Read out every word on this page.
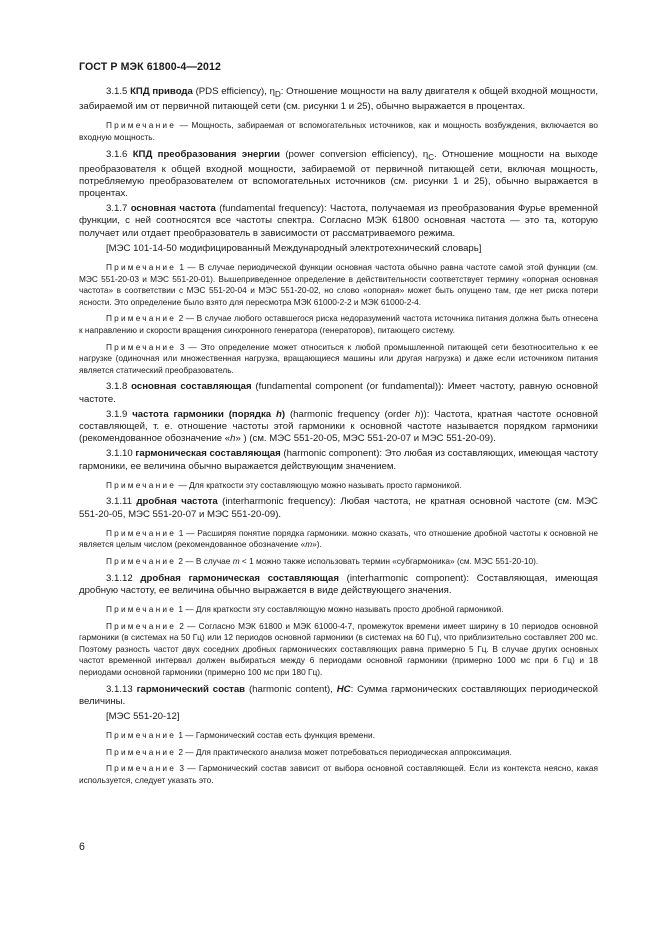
ГОСТ Р МЭК 61800-4—2012

3.1.5 КПД привода (PDS efficiency), $\eta_D$: Отношение мощности на валу двигателя к общей входной мощности, забираемой им от первичной питающей сети (см. рисунки 1 и 25), обычно выражается в процентах.

Примечание — Мощность, забираемая от вспомогательных источников, как и мощность возбуждения, включается во входную мощность.

3.1.6 КПД преобразования энергии (power conversion efficiency), $\eta_C$. Отношение мощности на выходе преобразователя к общей входной мощности, забираемой от первичной питающей сети, включая мощность, потребляемую преобразователем от вспомогательных источников (см. рисунки 1 и 25), обычно выражается в процентах.

3.1.7 основная частота (fundamental frequency): Частота, получаемая из преобразования Фурье временной функции, с ней соотносятся все частоты спектра. Согласно МЭК 61800 основная частота — это та, которую получает или отдает преобразователь в зависимости от рассматриваемого режима.

[МЭС 101-14-50 модифицированный Международный электротехнический словарь]

Примечание 1 — В случае периодической функции основная частота обычно равна частоте самой этой функции (см. МЭС 551-20-03 и МЭС 551-20-01). Вышеприведенное определение в действительности соответствует термину «опорная основная частота» в соответствии с МЭС 551-20-04 и МЭС 551-20-02, но слово «опорная» может быть опущено там, где нет риска потери ясности. Это определение было взято для пересмотра МЭК 61000-2-2 и МЭК 61000-2-4.

Примечание 2 — В случае любого оставшегося риска недоразумений частота источника питания должна быть отнесена к направлению и скорости вращения синхронного генератора (генераторов), питающего систему.

Примечание 3 — Это определение может относиться к любой промышленной питающей сети безотносительно к ее нагрузке (одиночная или множественная нагрузка, вращающиеся машины или другая нагрузка) и даже если источником питания является статический преобразователь.

3.1.8 основная составляющая (fundamental component (or fundamental)): Имеет частоту, равную основной частоте.

3.1.9 частота гармоники (порядка h) (harmonic frequency (order h)): Частота, кратная частоте основной составляющей, т. е. отношение частоты этой гармоники к основной частоте называется порядком гармоники (рекомендованное обозначение «h» ) (см. МЭС 551-20-05, МЭС 551-20-07 и МЭС 551-20-09).

3.1.10 гармоническая составляющая (harmonic component): Это любая из составляющих, имеющая частоту гармоники, ее величина обычно выражается действующим значением.

Примечание — Для краткости эту составляющую можно называть просто гармоникой.

3.1.11 дробная частота (interharmonic frequency): Любая частота, не кратная основной частоте (см. МЭС 551-20-05, МЭС 551-20-07 и МЭС 551-20-09).

Примечание 1 — Расширяя понятие порядка гармоники. можно сказать, что отношение дробной частоты к основной не является целым числом (рекомендованное обозначение «m»).

Примечание 2 — В случае m < 1 можно также использовать термин «субгармоника» (см. МЭС 551-20-10).

3.1.12 дробная гармоническая составляющая (interharmonic component): Составляющая, имеющая дробную частоту, ее величина обычно выражается в виде действующего значения.

Примечание 1 — Для краткости эту составляющую можно называть просто дробной гармоникой.

Примечание 2 — Согласно МЭК 61800 и МЭК 61000-4-7, промежуток времени имеет ширину в 10 периодов основной гармоники (в системах на 50 Гц) или 12 периодов основной гармоники (в системах на 60 Гц), что приблизительно составляет 200 мс. Поэтому разность частот двух соседних дробных гармонических составляющих равна примерно 5 Гц. В случае других основных частот временной интервал должен выбираться между 6 периодами основной гармоники (примерно 1000 мс при 6 Гц) и 18 периодами основной гармоники (примерно 100 мс при 180 Гц).

3.1.13 гармонический состав (harmonic content), HC: Сумма гармонических составляющих периодической величины.

[МЭС 551-20-12]

Примечание 1 — Гармонический состав есть функция времени.

Примечание 2 — Для практического анализа может потребоваться периодическая аппроксимация.

Примечание 3 — Гармонический состав зависит от выбора основной составляющей. Если из контекста неясно, какая используется, следует указать это.

6
